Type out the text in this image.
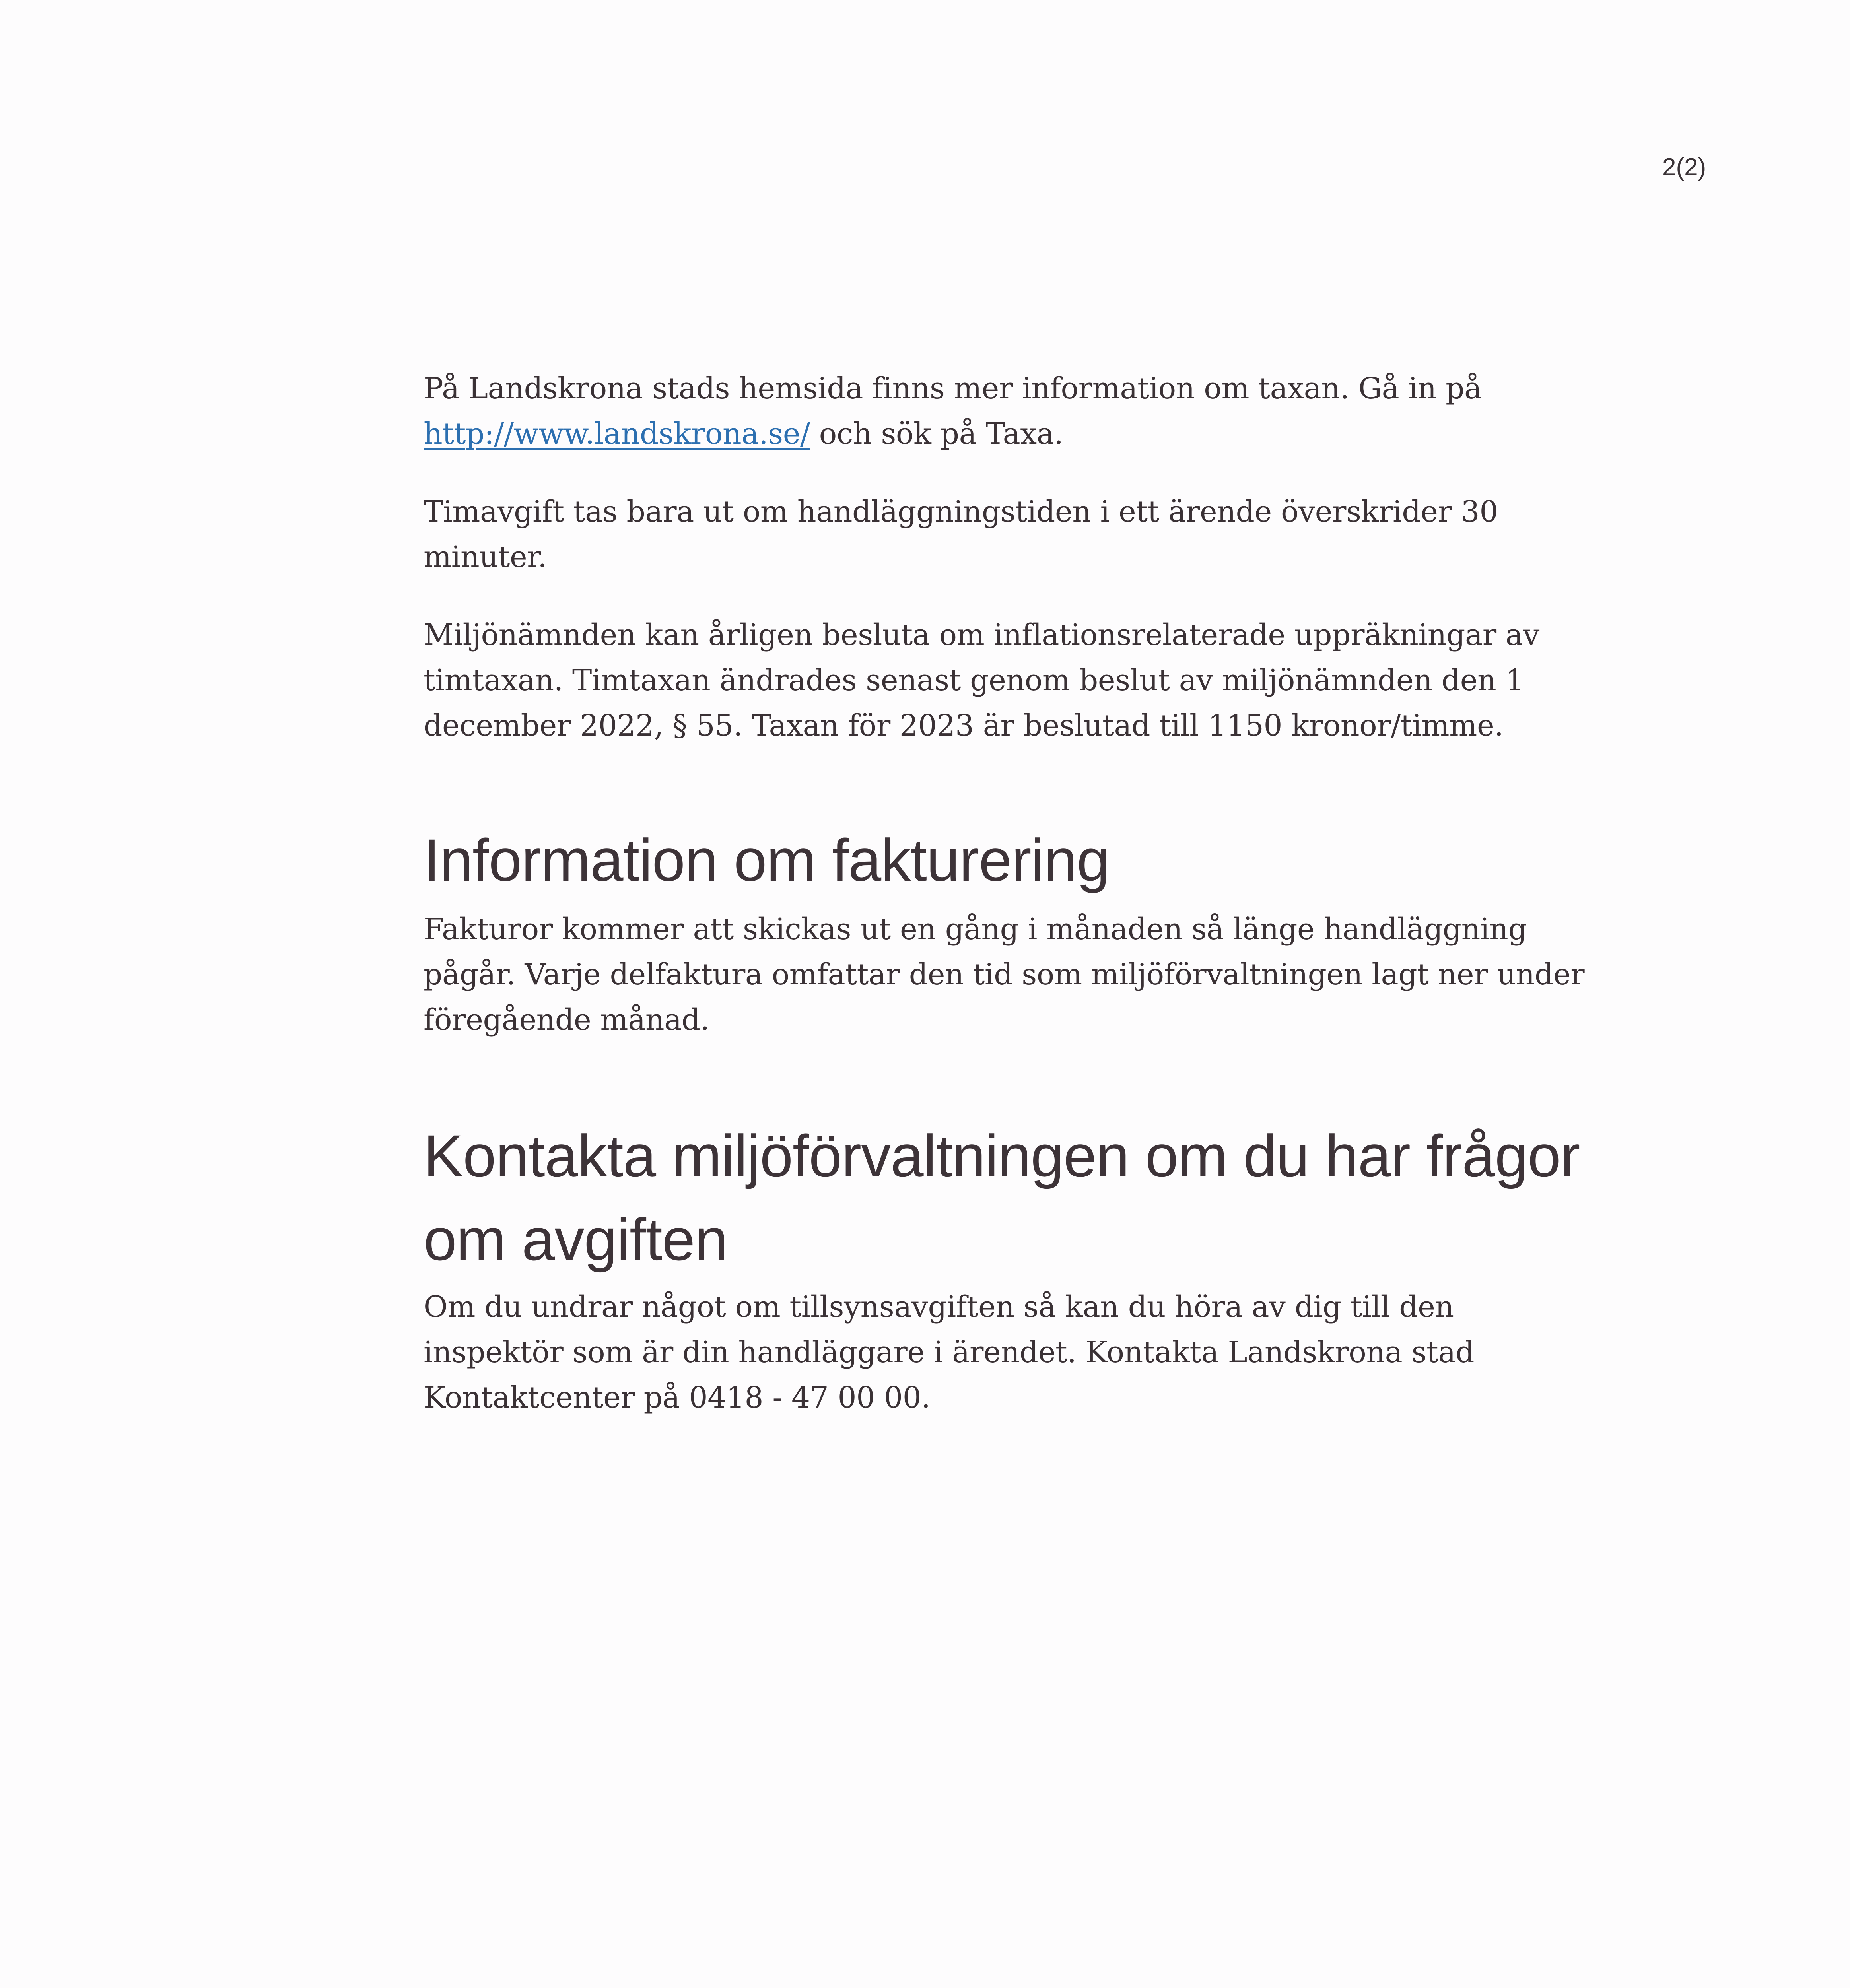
2(2)

På Landskrona stads hemsida finns mer information om taxan. Gå in på http://www.landskrona.se/ och sök på Taxa.

Timavgift tas bara ut om handläggningstiden i ett ärende överskrider 30 minuter.

Miljönämnden kan årligen besluta om inflationsrelaterade uppräkningar av timtaxan. Timtaxan ändrades senast genom beslut av miljönämnden den 1 december 2022, § 55. Taxan för 2023 är beslutad till 1150 kronor/timme.

Information om fakturering

Fakturor kommer att skickas ut en gång i månaden så länge handläggning pågår. Varje delfaktura omfattar den tid som miljöförvaltningen lagt ner under föregående månad.

Kontakta miljöförvaltningen om du har frågor om avgiften

Om du undrar något om tillsynsavgiften så kan du höra av dig till den inspektör som är din handläggare i ärendet. Kontakta Landskrona stad Kontaktcenter på 0418 - 47 00 00.
